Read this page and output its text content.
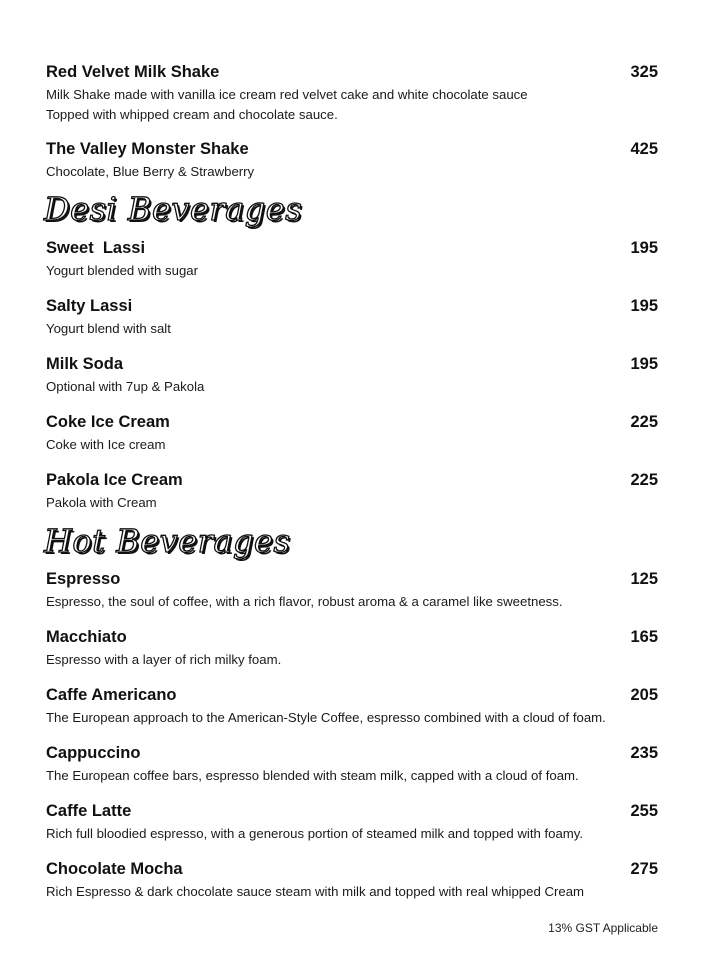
Red Velvet Milk Shake	325
Milk Shake made with vanilla ice cream red velvet cake and white chocolate sauce
Topped with whipped cream and chocolate sauce.
The Valley Monster Shake	425
Chocolate, Blue Berry & Strawberry
Desi Beverages
Sweet  Lassi	195
Yogurt blended with sugar
Salty Lassi	195
Yogurt blend with salt
Milk Soda	195
Optional with 7up & Pakola
Coke Ice Cream	225
Coke with Ice cream
Pakola Ice Cream	225
Pakola with Cream
Hot Beverages
Espresso	125
Espresso, the soul of coffee, with a rich flavor, robust aroma & a caramel like sweetness.
Macchiato	165
Espresso with a layer of rich milky foam.
Caffe Americano	205
The European approach to the American-Style Coffee, espresso combined with a cloud of foam.
Cappuccino	235
The European coffee bars, espresso blended with steam milk, capped with a cloud of foam.
Caffe Latte	255
Rich full bloodied espresso, with a generous portion of steamed milk and topped with foamy.
Chocolate Mocha	275
Rich Espresso & dark chocolate sauce steam with milk and topped with real whipped Cream
13% GST Applicable
